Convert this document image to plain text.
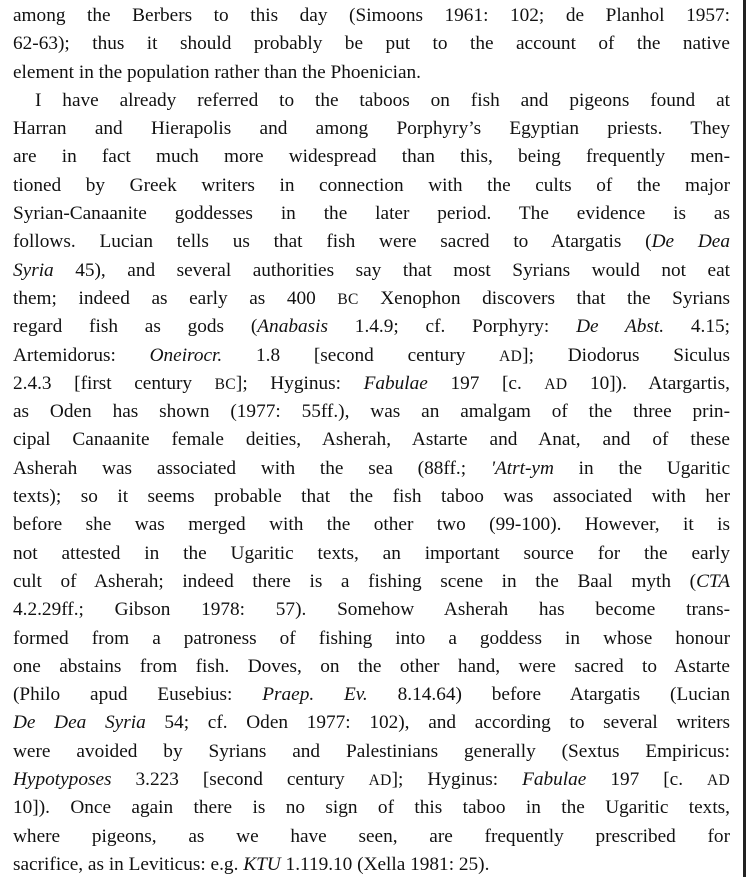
among the Berbers to this day (Simoons 1961: 102; de Planhol 1957:
62-63); thus it should probably be put to the account of the native
element in the population rather than the Phoenician.
I have already referred to the taboos on fish and pigeons found at
Harran and Hierapolis and among Porphyry’s Egyptian priests. They
are in fact much more widespread than this, being frequently men-
tioned by Greek writers in connection with the cults of the major
Syrian-Canaanite goddesses in the later period. The evidence is as
follows. Lucian tells us that fish were sacred to Atargatis (De Dea
Syria 45), and several authorities say that most Syrians would not eat
them; indeed as early as 400 BC Xenophon discovers that the Syrians
regard fish as gods (Anabasis 1.4.9; cf. Porphyry: De Abst. 4.15;
Artemidorus: Oneirocr. 1.8 [second century AD]; Diodorus Siculus
2.4.3 [first century BC]; Hyginus: Fabulae 197 [c. AD 10]). Atargartis,
as Oden has shown (1977: 55ff.), was an amalgam of the three prin-
cipal Canaanite female deities, Asherah, Astarte and Anat, and of these
Asherah was associated with the sea (88ff.; 'Atrt-ym in the Ugaritic
texts); so it seems probable that the fish taboo was associated with her
before she was merged with the other two (99-100). However, it is
not attested in the Ugaritic texts, an important source for the early
cult of Asherah; indeed there is a fishing scene in the Baal myth (CTA
4.2.29ff.; Gibson 1978: 57). Somehow Asherah has become trans-
formed from a patroness of fishing into a goddess in whose honour
one abstains from fish. Doves, on the other hand, were sacred to Astarte
(Philo apud Eusebius: Praep. Ev. 8.14.64) before Atargatis (Lucian
De Dea Syria 54; cf. Oden 1977: 102), and according to several writers
were avoided by Syrians and Palestinians generally (Sextus Empiricus:
Hypotyposes 3.223 [second century AD]; Hyginus: Fabulae 197 [c. AD
10]). Once again there is no sign of this taboo in the Ugaritic texts,
where pigeons, as we have seen, are frequently prescribed for
sacrifice, as in Leviticus: e.g. KTU 1.119.10 (Xella 1981: 25).
